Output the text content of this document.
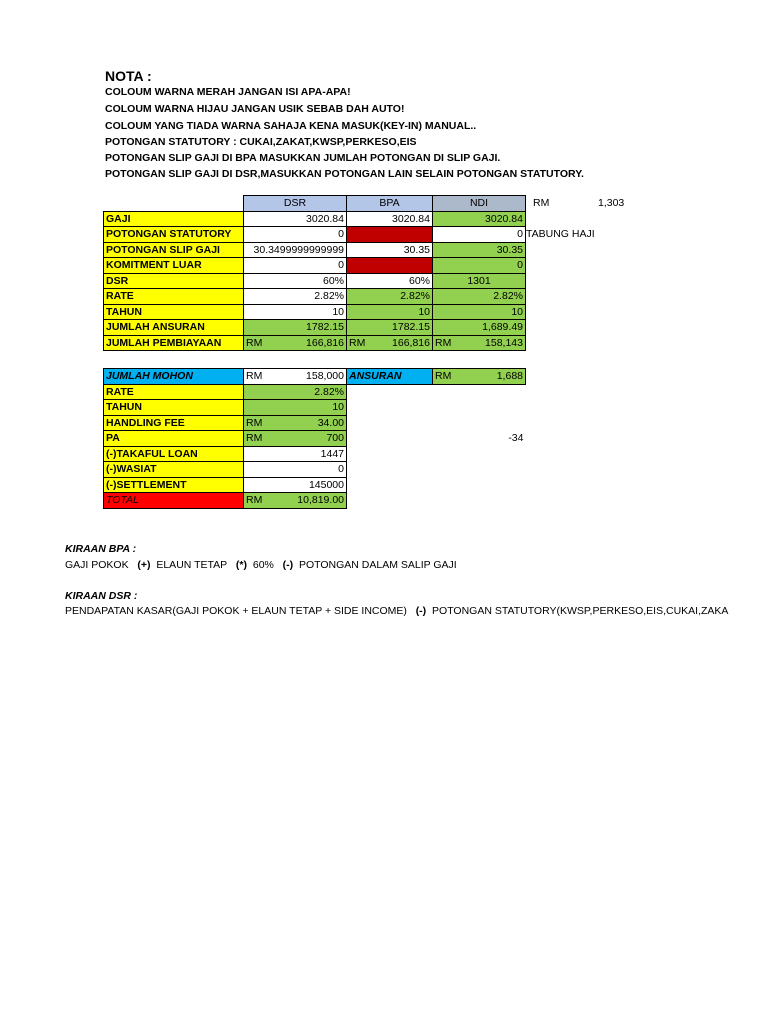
NOTA :
COLOUM WARNA MERAH JANGAN ISI APA-APA!
COLOUM WARNA HIJAU JANGAN USIK SEBAB DAH AUTO!
COLOUM YANG TIADA WARNA SAHAJA KENA MASUK(KEY-IN) MANUAL..
POTONGAN STATUTORY : CUKAI,ZAKAT,KWSP,PERKESO,EIS
POTONGAN SLIP GAJI DI BPA MASUKKAN JUMLAH POTONGAN DI SLIP GAJI.
POTONGAN SLIP GAJI DI DSR,MASUKKAN POTONGAN LAIN SELAIN POTONGAN STATUTORY.
	DSR	BPA	NDI
GAJI	3020.84	3020.84	3020.84
POTONGAN STATUTORY	0		0
POTONGAN SLIP GAJI	30.3499999999999	30.35	30.35
KOMITMENT LUAR	0		0
DSR	60%	60%	1301
RATE	2.82%	2.82%	2.82%
TAHUN	10	10	10
JUMLAH ANSURAN	1782.15	1782.15	1,689.49
JUMLAH PEMBIAYAAN	RM 166,816	RM 166,816	RM 158,143
RM	1,303
TABUNG HAJI
JUMLAH MOHON	RM 158,000	ANSURAN	RM 1,688

RATE	2.82%		
TAHUN	10		
HANDLING FEE	RM 34.00		

PA	RM 700		-34
(-)TAKAFUL LOAN	1447		
(-)WASIAT	0		
(-)SETTLEMENT	145000		
TOTAL	RM 10,819.00		

KIRAAN BPA :
GAJI POKOK (+) ELAUN TETAP (*) 60% (-) POTONGAN DALAM SALIP GAJI
KIRAAN DSR :
PENDAPATAN KASAR(GAJI POKOK + ELAUN TETAP + SIDE INCOME) (-) POTONGAN STATUTORY(KWSP,PERKESO,EIS,CUKAI,ZAKA
